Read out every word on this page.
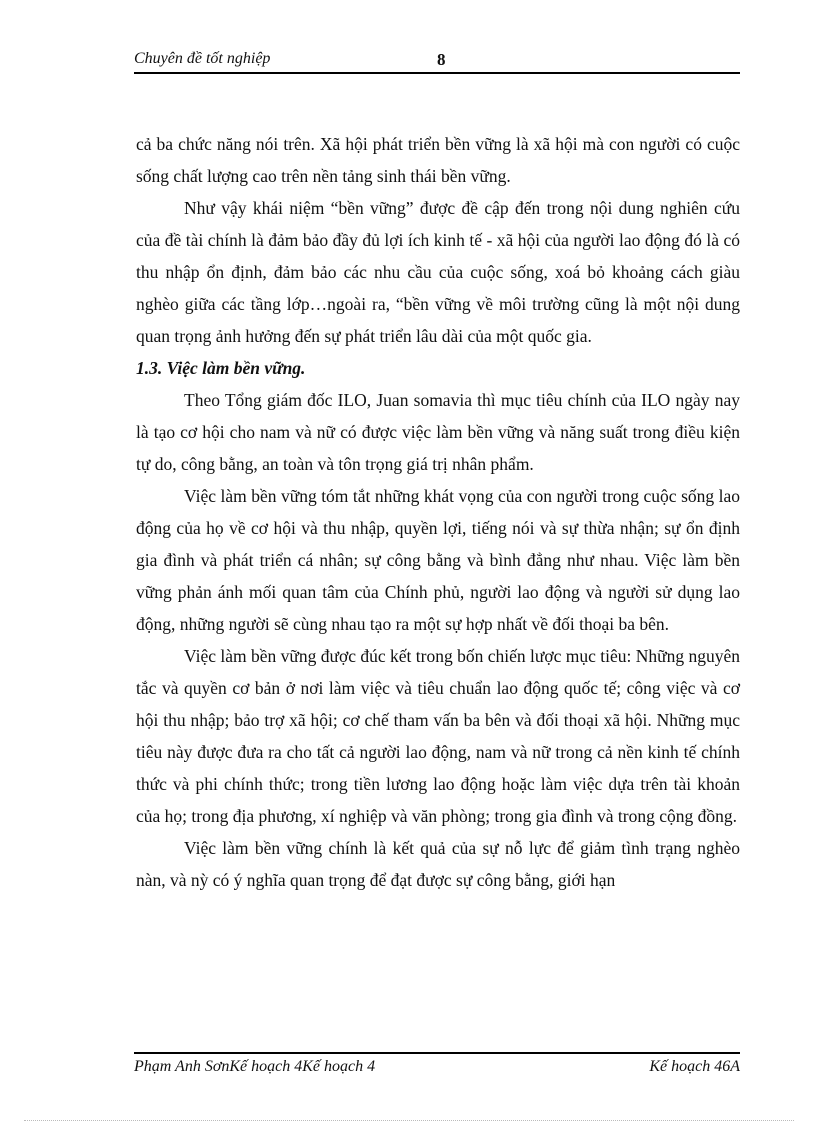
Chuyên đề tốt nghiệp	8

cả ba chức năng nói trên. Xã hội phát triển bền vững là xã hội mà con người có cuộc sống chất lượng cao trên nền tảng sinh thái bền vững.

Như vậy khái niệm “bền vững” được đề cập đến trong nội dung nghiên cứu của đề tài chính là đảm bảo đầy đủ lợi ích kinh tế - xã hội của người lao động đó là có thu nhập ổn định, đảm bảo các nhu cầu của cuộc sống, xoá bỏ khoảng cách giàu nghèo giữa các tầng lớp…ngoài ra, “bền vững về môi trường cũng là một nội dung quan trọng ảnh hưởng đến sự phát triển lâu dài của một quốc gia.

1.3. Việc làm bền vững.

Theo Tổng giám đốc ILO, Juan somavia thì mục tiêu chính của ILO ngày nay là tạo cơ hội cho nam và nữ có được việc làm bền vững và năng suất trong điều kiện tự do, công bằng, an toàn và tôn trọng giá trị nhân phẩm.

Việc làm bền vững tóm tắt những khát vọng của con người trong cuộc sống lao động của họ về cơ hội và thu nhập, quyền lợi, tiếng nói và sự thừa nhận; sự ổn định gia đình và phát triển cá nhân; sự công bằng và bình đẳng như nhau. Việc làm bền vững phản ánh mối quan tâm của Chính phủ, người lao động và người sử dụng lao động, những người sẽ cùng nhau tạo ra một sự hợp nhất về đối thoại ba bên.

Việc làm bền vững được đúc kết trong bốn chiến lược mục tiêu: Những nguyên tắc và quyền cơ bản ở nơi làm việc và tiêu chuẩn lao động quốc tế; công việc và cơ hội thu nhập; bảo trợ xã hội; cơ chế tham vấn ba bên và đối thoại xã hội. Những mục tiêu này được đưa ra cho tất cả người lao động, nam và nữ trong cả nền kinh tế chính thức và phi chính thức; trong tiền lương lao động hoặc làm việc dựa trên tài khoản của họ; trong địa phương, xí nghiệp và văn phòng; trong gia đình và trong cộng đồng.

Việc làm bền vững chính là kết quả của sự nỗ lực để giảm tình trạng nghèo nàn, và nỳ có ý nghĩa quan trọng để đạt được sự công bằng, giới hạn

Phạm Anh SơnKế hoạch 4Kế hoạch 4	Kế hoạch 46A
